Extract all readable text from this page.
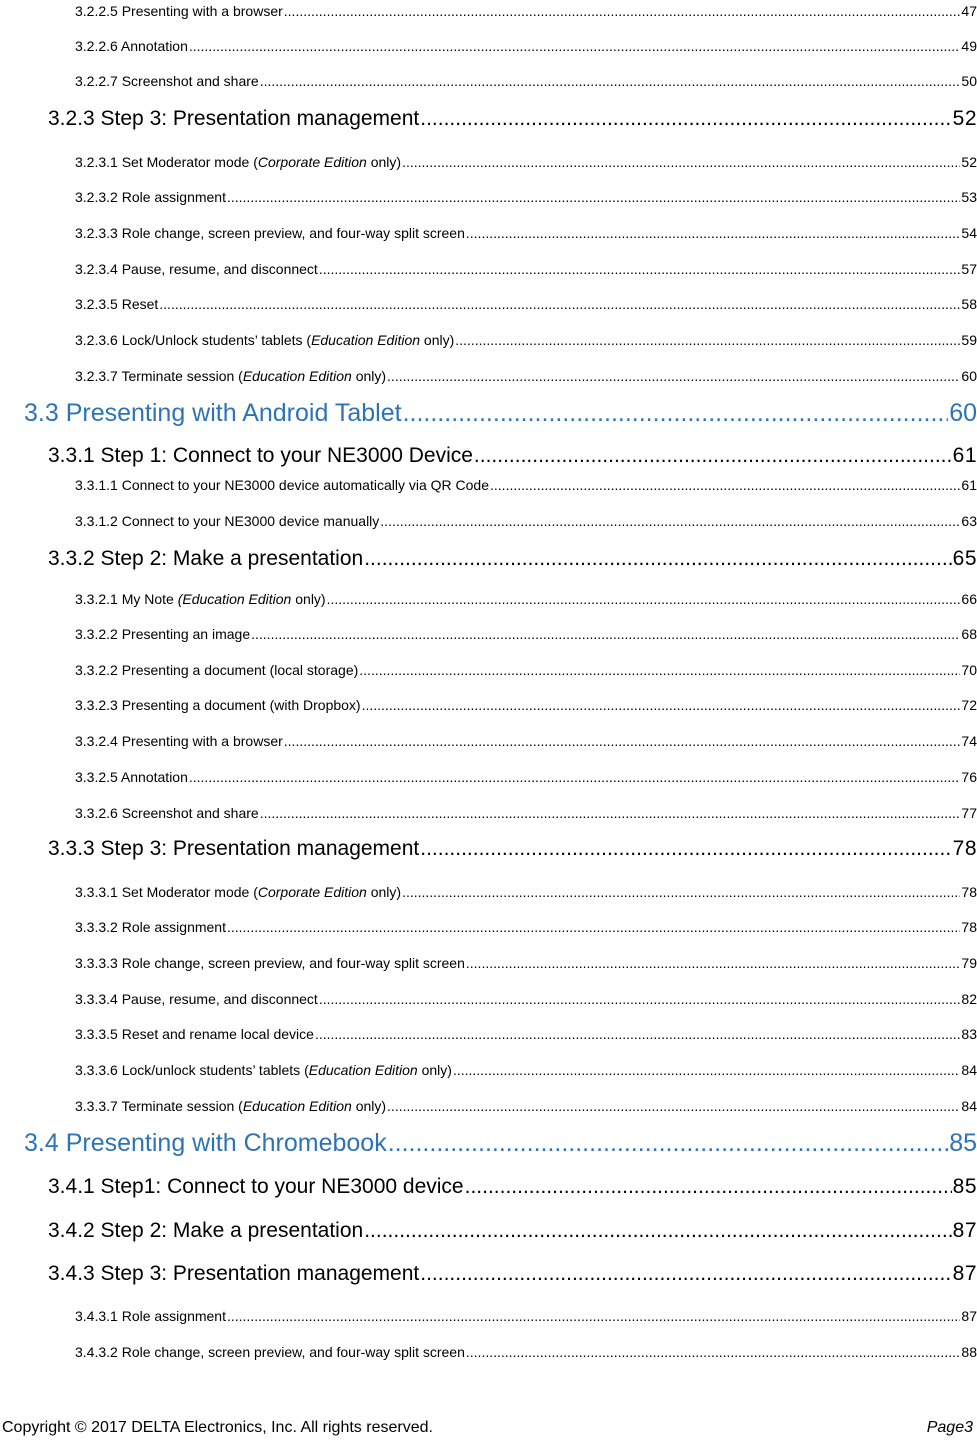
3.2.2.5 Presenting with a browser .....	47
3.2.2.6 Annotation .....	49
3.2.2.7 Screenshot and share .....	50
3.2.3 Step 3: Presentation management .....	52
3.2.3.1 Set Moderator mode (Corporate Edition only) .....	52
3.2.3.2 Role assignment .....	53
3.2.3.3 Role change, screen preview, and four-way split screen .....	54
3.2.3.4 Pause, resume, and disconnect .....	57
3.2.3.5 Reset .....	58
3.2.3.6 Lock/Unlock students’ tablets (Education Edition only) .....	59
3.2.3.7 Terminate session (Education Edition only) .....	60
3.3 Presenting with Android Tablet .....	60
3.3.1 Step 1: Connect to your NE3000 Device .....	61
3.3.1.1 Connect to your NE3000 device automatically via QR Code .....	61
3.3.1.2 Connect to your NE3000 device manually .....	63
3.3.2 Step 2: Make a presentation .....	65
3.3.2.1 My Note (Education Edition only) .....	66
3.3.2.2 Presenting an image .....	68
3.3.2.2 Presenting a document (local storage) .....	70
3.3.2.3 Presenting a document (with Dropbox) .....	72
3.3.2.4 Presenting with a browser .....	74
3.3.2.5 Annotation .....	76
3.3.2.6 Screenshot and share .....	77
3.3.3 Step 3: Presentation management .....	78
3.3.3.1 Set Moderator mode (Corporate Edition only) .....	78
3.3.3.2 Role assignment .....	78
3.3.3.3 Role change, screen preview, and four-way split screen .....	79
3.3.3.4 Pause, resume, and disconnect .....	82
3.3.3.5 Reset and rename local device .....	83
3.3.3.6 Lock/unlock students’ tablets (Education Edition only) .....	84
3.3.3.7 Terminate session (Education Edition only) .....	84
3.4 Presenting with Chromebook .....	85
3.4.1 Step1: Connect to your NE3000 device .....	85
3.4.2 Step 2: Make a presentation .....	87
3.4.3 Step 3: Presentation management .....	87
3.4.3.1 Role assignment .....	87
3.4.3.2 Role change, screen preview, and four-way split screen .....	88
Copyright © 2017 DELTA Electronics, Inc. All rights reserved.	Page3
